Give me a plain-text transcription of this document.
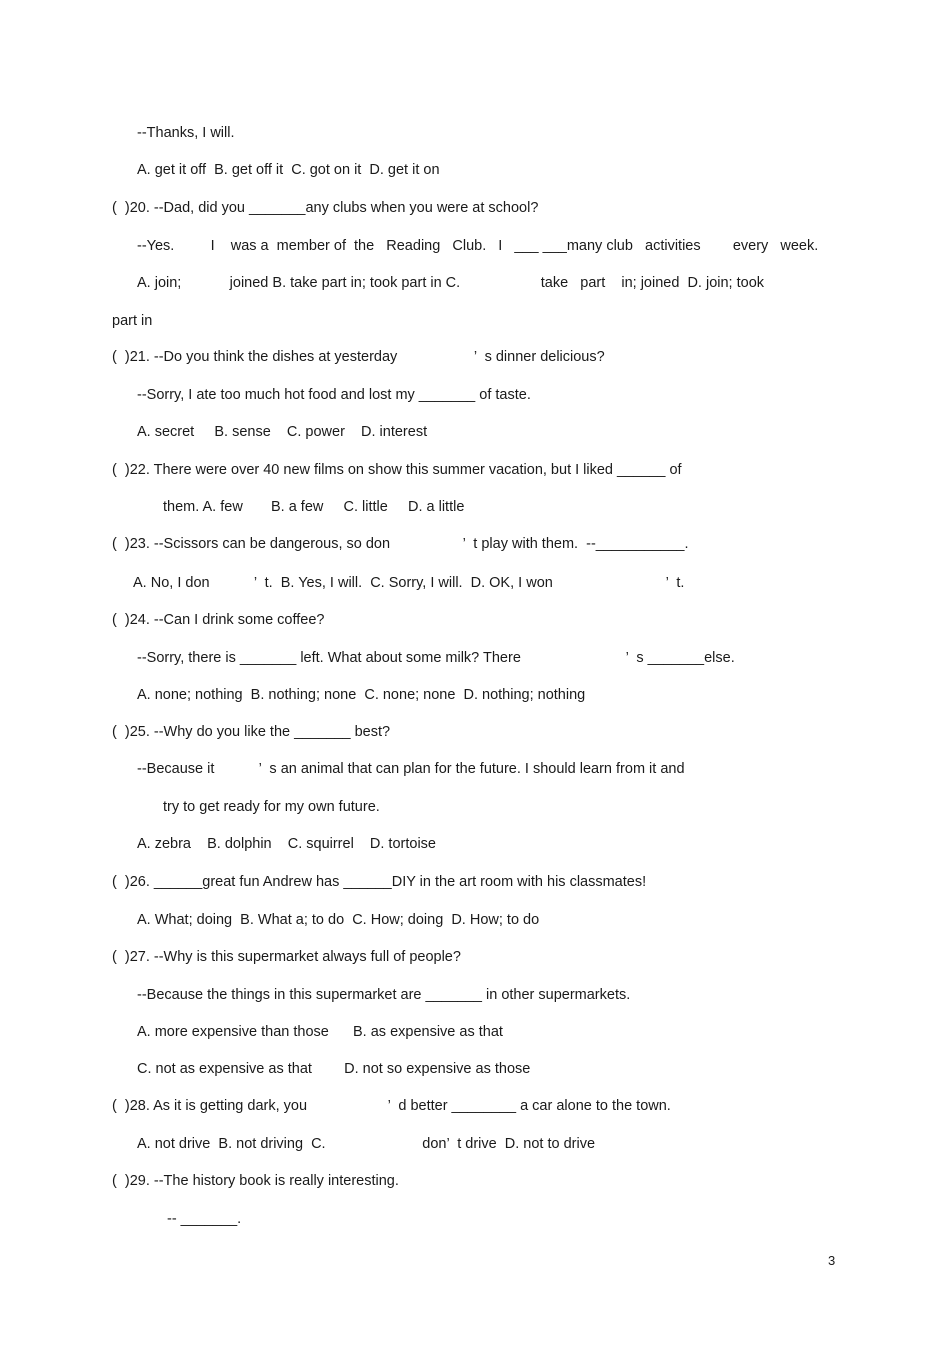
--Thanks, I will.
A. get it off  B. get off it  C. got on it  D. get it on
(  )20. --Dad, did you _______any clubs when you were at school?
--Yes.         I    was a  member of  the   Reading   Club.   I   ___ ___many club   activities        every   week.
A. join;            joined B. take part in; took part in C.                    take   part    in; joined  D. join; took
part in
(  )21. --Do you think the dishes at yesterday                   ’  s dinner delicious?
--Sorry, I ate too much hot food and lost my _______ of taste.
A. secret     B. sense    C. power    D. interest
(  )22. There were over 40 new films on show this summer vacation, but I liked ______ of
them. A. few       B. a few     C. little     D. a little
(  )23. --Scissors can be dangerous, so don                  ’  t play with them.  --___________.
A. No, I don           ’  t.  B. Yes, I will.  C. Sorry, I will.  D. OK, I won                            ’  t.
(  )24. --Can I drink some coffee?
--Sorry, there is _______ left. What about some milk? There                          ’  s _______else.
A. none; nothing  B. nothing; none  C. none; none  D. nothing; nothing
(  )25. --Why do you like the _______ best?
--Because it           ’  s an animal that can plan for the future. I should learn from it and
try to get ready for my own future.
A. zebra    B. dolphin    C. squirrel    D. tortoise
(  )26. ______great fun Andrew has ______DIY in the art room with his classmates!
A. What; doing  B. What a; to do  C. How; doing  D. How; to do
(  )27. --Why is this supermarket always full of people?
--Because the things in this supermarket are _______ in other supermarkets.
A. more expensive than those      B. as expensive as that
C. not as expensive as that        D. not so expensive as those
(  )28. As it is getting dark, you                    ’  d better ________ a car alone to the town.
A. not drive  B. not driving  C.                        don’  t drive  D. not to drive
(  )29. --The history book is really interesting.
-- _______.
3
